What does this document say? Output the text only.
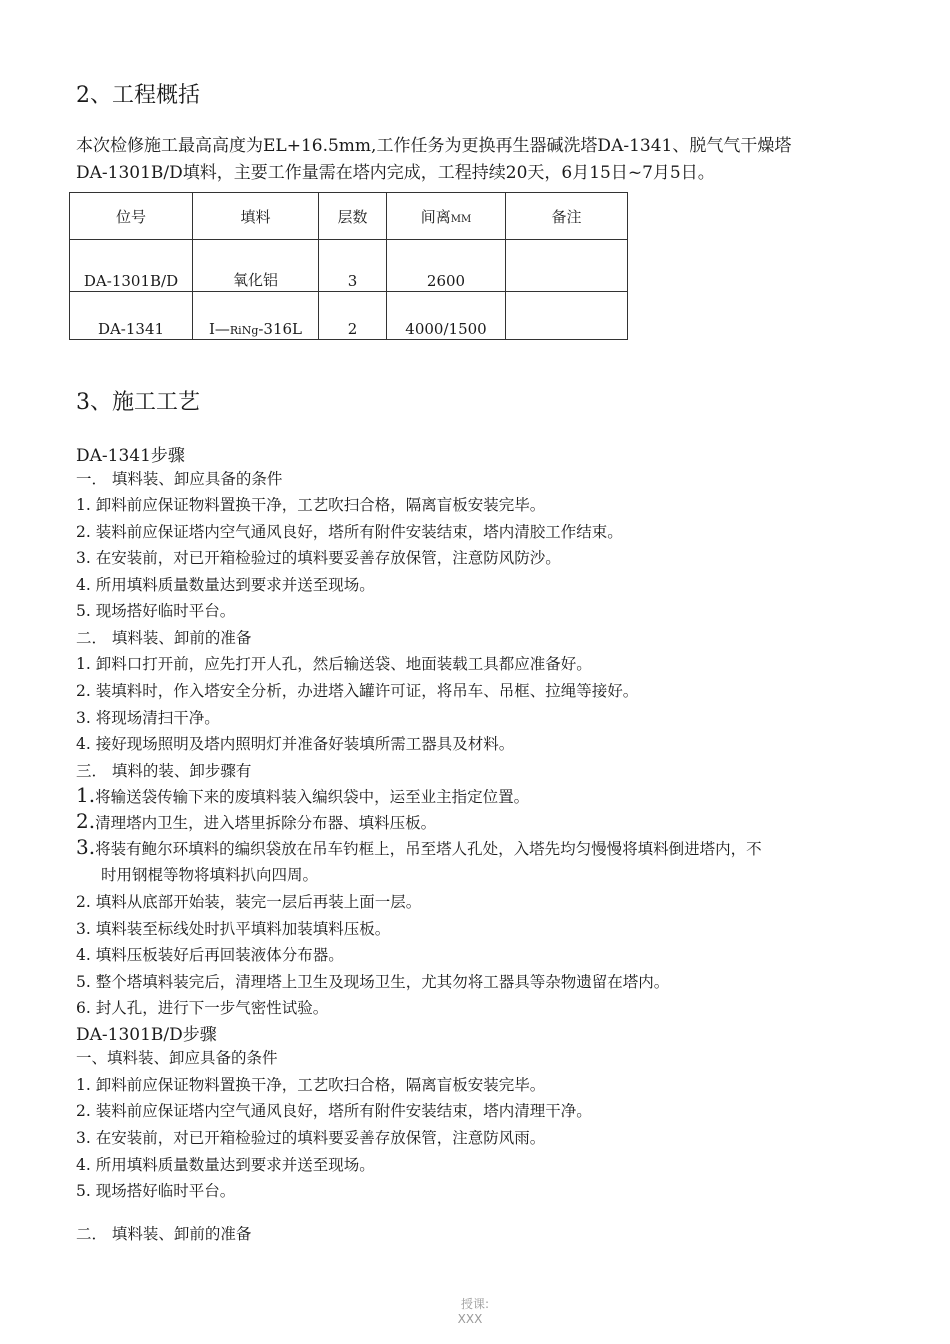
2、工程概括
本次检修施工最高高度为EL+16.5mm,工作任务为更换再生器碱洗塔DA-1341、脱气气干燥塔
DA-1301B/D填料，主要工作量需在塔内完成，工程持续20天，6月15日~7月5日。
位号	填料	层数	间离MM	备注
DA-1301B/D	氧化铝	3	2600	
DA-1341	I—RiNg-316L	2	4000/1500	
3、施工工艺
DA-1341步骤
一． 填料装、卸应具备的条件
1. 卸料前应保证物料置换干净，工艺吹扫合格，隔离盲板安装完毕。
2. 装料前应保证塔内空气通风良好，塔所有附件安装结束，塔内清胶工作结束。
3. 在安装前，对已开箱检验过的填料要妥善存放保管，注意防风防沙。
4. 所用填料质量数量达到要求并送至现场。
5. 现场搭好临时平台。
二． 填料装、卸前的准备
1. 卸料口打开前，应先打开人孔，然后输送袋、地面装载工具都应准备好。
2. 装填料时，作入塔安全分析，办进塔入罐许可证，将吊车、吊框、拉绳等接好。
3. 将现场清扫干净。
4. 接好现场照明及塔内照明灯并准备好装填所需工器具及材料。
三． 填料的装、卸步骤有
1.将输送袋传输下来的废填料装入编织袋中，运至业主指定位置。
2.清理塔内卫生，进入塔里拆除分布器、填料压板。
3.将装有鲍尔环填料的编织袋放在吊车钓框上，吊至塔人孔处，入塔先均匀慢慢将填料倒进塔内，不
时用钢棍等物将填料扒向四周。
2. 填料从底部开始装，装完一层后再装上面一层。
3. 填料装至标线处时扒平填料加装填料压板。
4. 填料压板装好后再回装液体分布器。
5. 整个塔填料装完后，清理塔上卫生及现场卫生，尤其勿将工器具等杂物遗留在塔内。
6. 封人孔，进行下一步气密性试验。
DA-1301B/D步骤
一、填料装、卸应具备的条件
1. 卸料前应保证物料置换干净，工艺吹扫合格，隔离盲板安装完毕。
2. 装料前应保证塔内空气通风良好，塔所有附件安装结束，塔内清理干净。
3. 在安装前，对已开箱检验过的填料要妥善存放保管，注意防风雨。
4. 所用填料质量数量达到要求并送至现场。
5. 现场搭好临时平台。
二． 填料装、卸前的准备
授课:
XXX
